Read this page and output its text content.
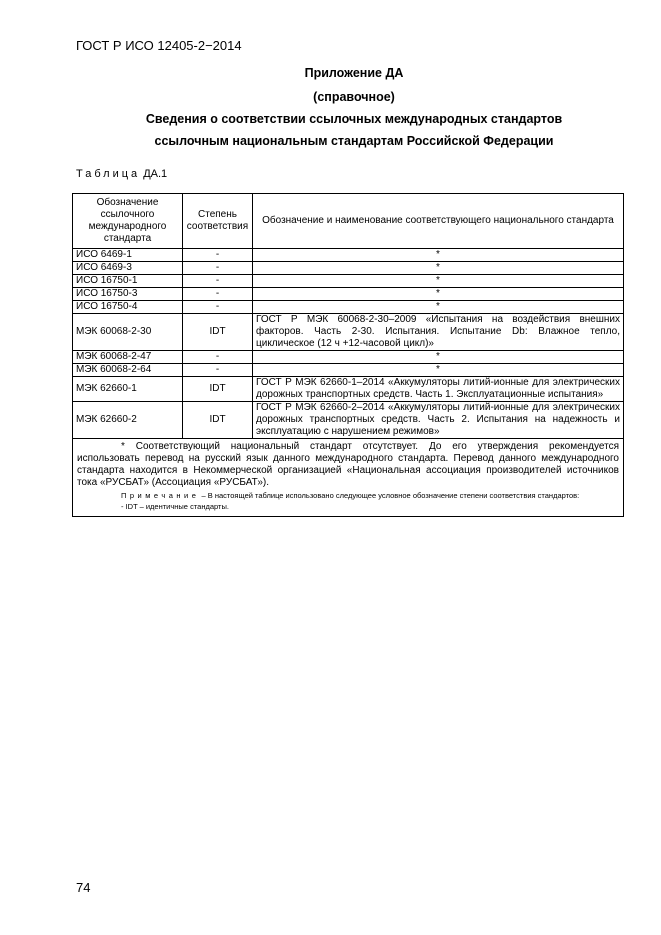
ГОСТ Р ИСО 12405-2−2014
Приложение ДА
(справочное)
Сведения о соответствии ссылочных международных стандартов
ссылочным национальным стандартам Российской Федерации
Таблица ДА.1
Обозначение ссылочного международного стандарта	Степень соответствия	Обозначение и наименование соответствующего национального стандарта
ИСО 6469-1	-	*
ИСО 6469-3	-	*
ИСО 16750-1	-	*
ИСО 16750-3	-	*
ИСО 16750-4	-	*
МЭК 60068-2-30	IDT	ГОСТ Р МЭК 60068-2-30–2009 «Испытания на воздействия внешних факторов. Часть 2-30. Испытания. Испытание Db: Влажное тепло, циклическое (12 ч +12-часовой цикл)»
МЭК 60068-2-47	-	*
МЭК 60068-2-64	-	*
МЭК 62660-1	IDT	ГОСТ Р МЭК 62660-1–2014 «Аккумуляторы литий-ионные для электрических дорожных транспортных средств. Часть 1. Эксплуатационные испытания»
МЭК 62660-2	IDT	ГОСТ Р МЭК 62660-2–2014 «Аккумуляторы литий-ионные для электрических дорожных транспортных средств. Часть 2. Испытания на надежность и эксплуатацию с нарушением режимов»

* Соответствующий национальный стандарт отсутствует. До его утверждения рекомендуется использовать перевод на русский язык данного международного стандарта. Перевод данного международного стандарта находится в Некоммерческой организацией «Национальная ассоциация производителей источников тока «РУСБАТ» (Ассоциация «РУСБАТ»).

Примечание – В настоящей таблице использовано следующее условное обозначение степени соответствия стандартов:

- IDT – идентичные стандарты.		

74
